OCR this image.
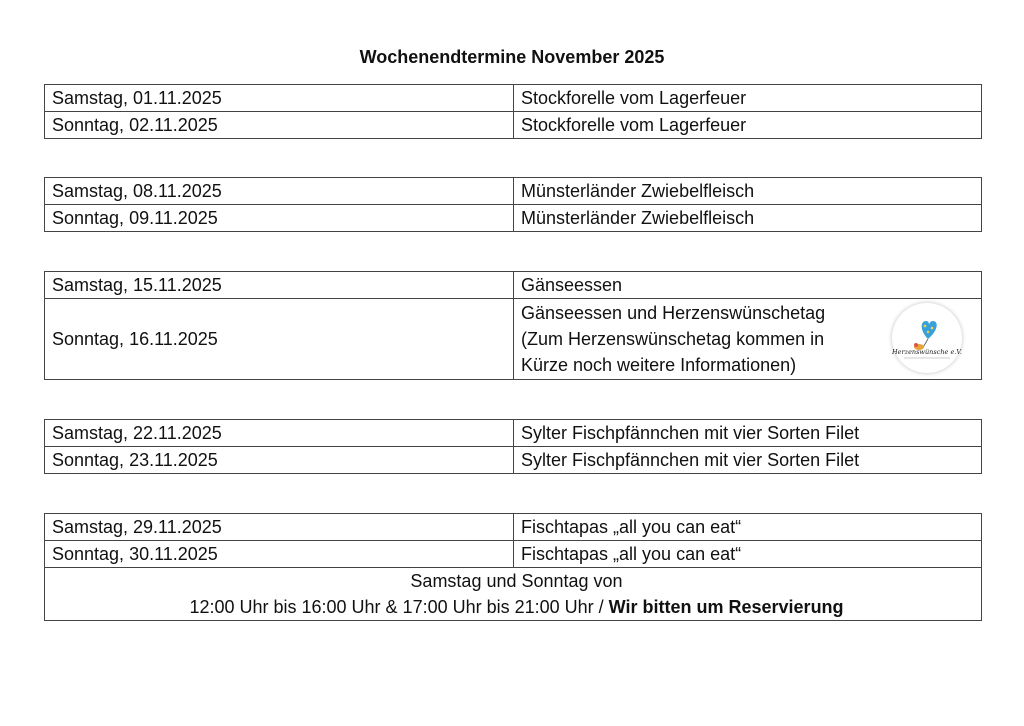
Wochenendtermine November 2025
Samstag, 01.11.2025	Stockforelle vom Lagerfeuer
Sonntag, 02.11.2025	Stockforelle vom Lagerfeuer
Samstag, 08.11.2025	Münsterländer Zwiebelfleisch
Sonntag, 09.11.2025	Münsterländer Zwiebelfleisch
Samstag, 15.11.2025	Gänseessen
Sonntag, 16.11.2025	Gänseessen und Herzenswünschetag
(Zum Herzenswünschetag kommen in
Kürze noch weitere Informationen)
Herzenswünsche e.V.
Samstag, 22.11.2025	Sylter Fischpfännchen mit vier Sorten Filet
Sonntag, 23.11.2025	Sylter Fischpfännchen mit vier Sorten Filet
Samstag, 29.11.2025	Fischtapas „all you can eat“
Sonntag, 30.11.2025	Fischtapas „all you can eat“

Samstag und Sonntag von
12:00 Uhr bis 16:00 Uhr & 17:00 Uhr bis 21:00 Uhr / Wir bitten um Reservierung	
